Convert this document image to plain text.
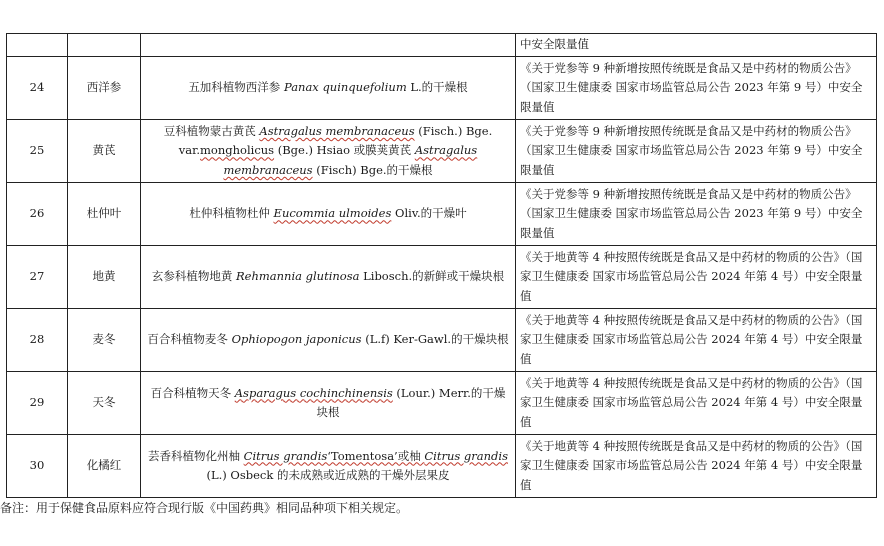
			中安全限量值
24	西洋参	五加科植物西洋参 Panax quinquefolium L.的干燥根	《关于党参等 9 种新增按照传统既是食品又是中药材的物质公告》（国家卫生健康委 国家市场监管总局公告 2023 年第 9 号）中安全限量值
25	黄芪	豆科植物蒙古黄芪 Astragalus membranaceus (Fisch.) Bge. var.mongholicus (Bge.) Hsiao 或膜荚黄芪 Astragalus membranaceus (Fisch) Bge.的干燥根	《关于党参等 9 种新增按照传统既是食品又是中药材的物质公告》（国家卫生健康委 国家市场监管总局公告 2023 年第 9 号）中安全限量值
26	杜仲叶	杜仲科植物杜仲 Eucommia ulmoides Oliv.的干燥叶	《关于党参等 9 种新增按照传统既是食品又是中药材的物质公告》（国家卫生健康委 国家市场监管总局公告 2023 年第 9 号）中安全限量值
27	地黄	玄参科植物地黄 Rehmannia glutinosa Libosch.的新鲜或干燥块根	《关于地黄等 4 种按照传统既是食品又是中药材的物质的公告》（国家卫生健康委 国家市场监管总局公告 2024 年第 4 号）中安全限量值
28	麦冬	百合科植物麦冬 Ophiopogon japonicus (L.f) Ker-Gawl.的干燥块根	《关于地黄等 4 种按照传统既是食品又是中药材的物质的公告》（国家卫生健康委 国家市场监管总局公告 2024 年第 4 号）中安全限量值
29	天冬	百合科植物天冬 Asparagus cochinchinensis (Lour.) Merr.的干燥块根	《关于地黄等 4 种按照传统既是食品又是中药材的物质的公告》（国家卫生健康委 国家市场监管总局公告 2024 年第 4 号）中安全限量值
30	化橘红	芸香科植物化州柚 Citrus grandis‘Tomentosa’或柚 Citrus grandis (L.) Osbeck 的未成熟或近成熟的干燥外层果皮	《关于地黄等 4 种按照传统既是食品又是中药材的物质的公告》（国家卫生健康委 国家市场监管总局公告 2024 年第 4 号）中安全限量值
备注：用于保健食品原料应符合现行版《中国药典》相同品种项下相关规定。
